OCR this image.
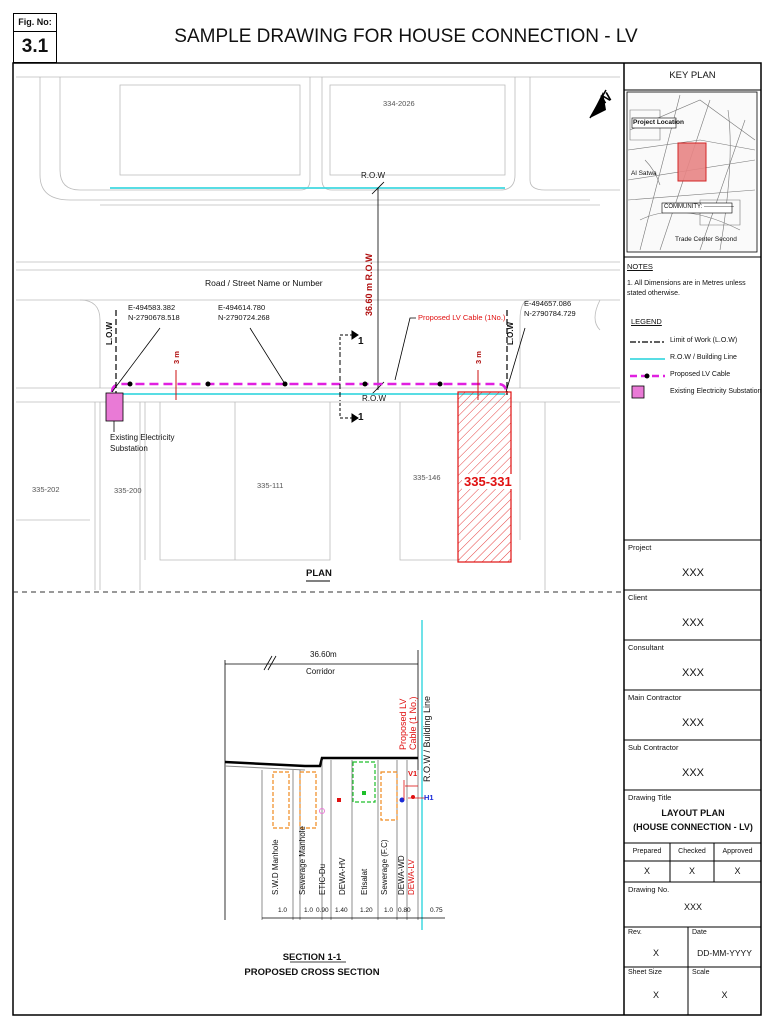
Fig. No:
3.1	SAMPLE DRAWING FOR HOUSE CONNECTION - LV
N
334-2026
R.O.W
Road / Street Name or Number	36.60 m R.O.W
E-494583.382
N-2790678.518
E-494614.780
N-2790724.268
E-494657.086
N-2790784.729
Proposed LV Cable (1No.)
L.O.W	L.O.W
3 m	3 m
1
1
R.O.W
Existing Electricity
Substation
335-202	335-200
335-111
335-146 335-331
PLAN
36.60m
Corridor
Proposed LV Cable (1 No.) R.O.W / Building Line
V1
H1
S.W.D Manhole Sewerage Manhole ETIC-Du DEWA-HV Etisalat Sewerage (F.C) DEWA-WD DEWA-LV
1.0	1.0 0.90 1.40 1.20 1.0 0.80	0.75
SECTION 1-1
PROPOSED CROSS SECTION
KEY PLAN
Project Location
Al Satwa
COMMUNITY: ---------------
Trade Center Second
NOTES
1. All Dimensions are in Metres unless stated otherwise.
LEGEND
Limit of Work (L.O.W)
R.O.W / Building Line
Proposed LV Cable
Existing Electricity Substation
Project
XXX
Client
XXX
Consultant
XXX
Main Contractor
XXX
Sub Contractor
XXX
Drawing Title
LAYOUT PLAN
(HOUSE CONNECTION - LV)
Prepared	Checked	Approved
X	X	X
Drawing No.
XXX
Rev.
X
Date
DD-MM-YYYY
Sheet Size
X
Scale
X
